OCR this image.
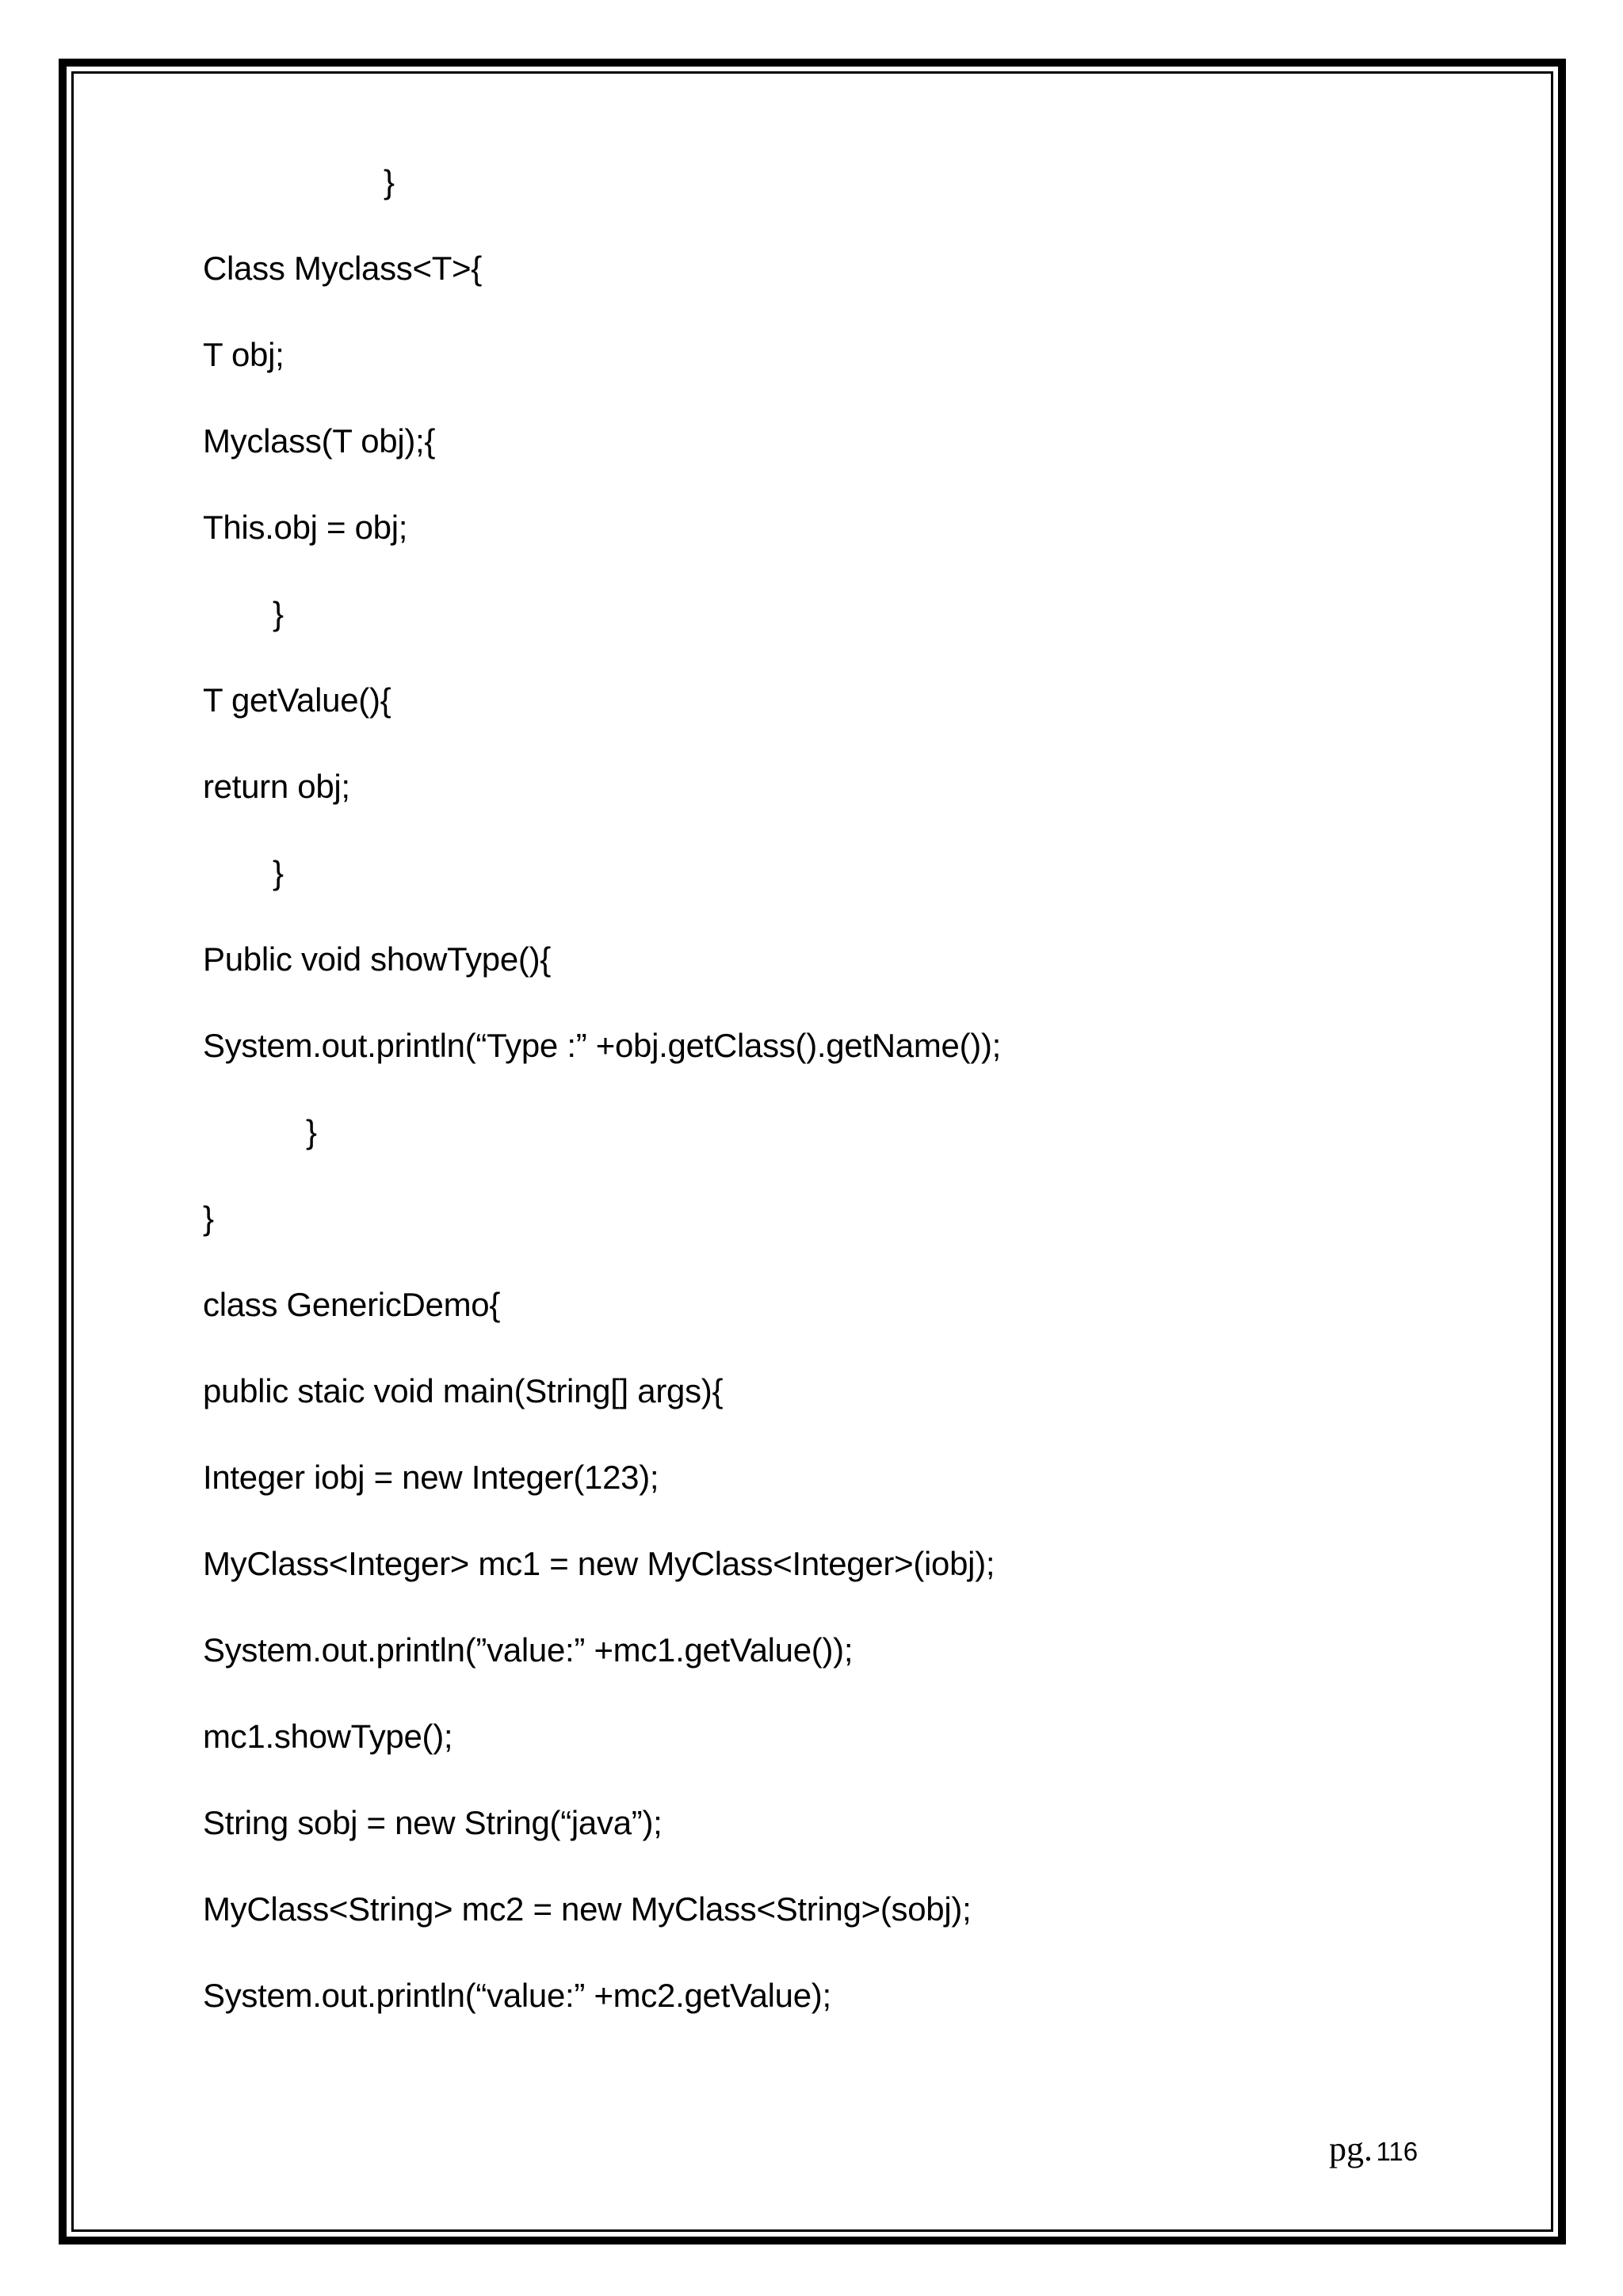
}
Class Myclass<T>{
T obj;
Myclass(T obj);{
This.obj = obj;
}
T getValue(){
return obj;
}
Public void showType(){
System.out.println(“Type :” +obj.getClass().getName());
}
}
class GenericDemo{
public staic void main(String[] args){
Integer iobj = new Integer(123);
MyClass<Integer> mc1 = new MyClass<Integer>(iobj);
System.out.println(”value:” +mc1.getValue());
mc1.showType();
String sobj = new String(“java”);
MyClass<String> mc2 = new MyClass<String>(sobj);
System.out.println(“value:” +mc2.getValue);
pg. 116
